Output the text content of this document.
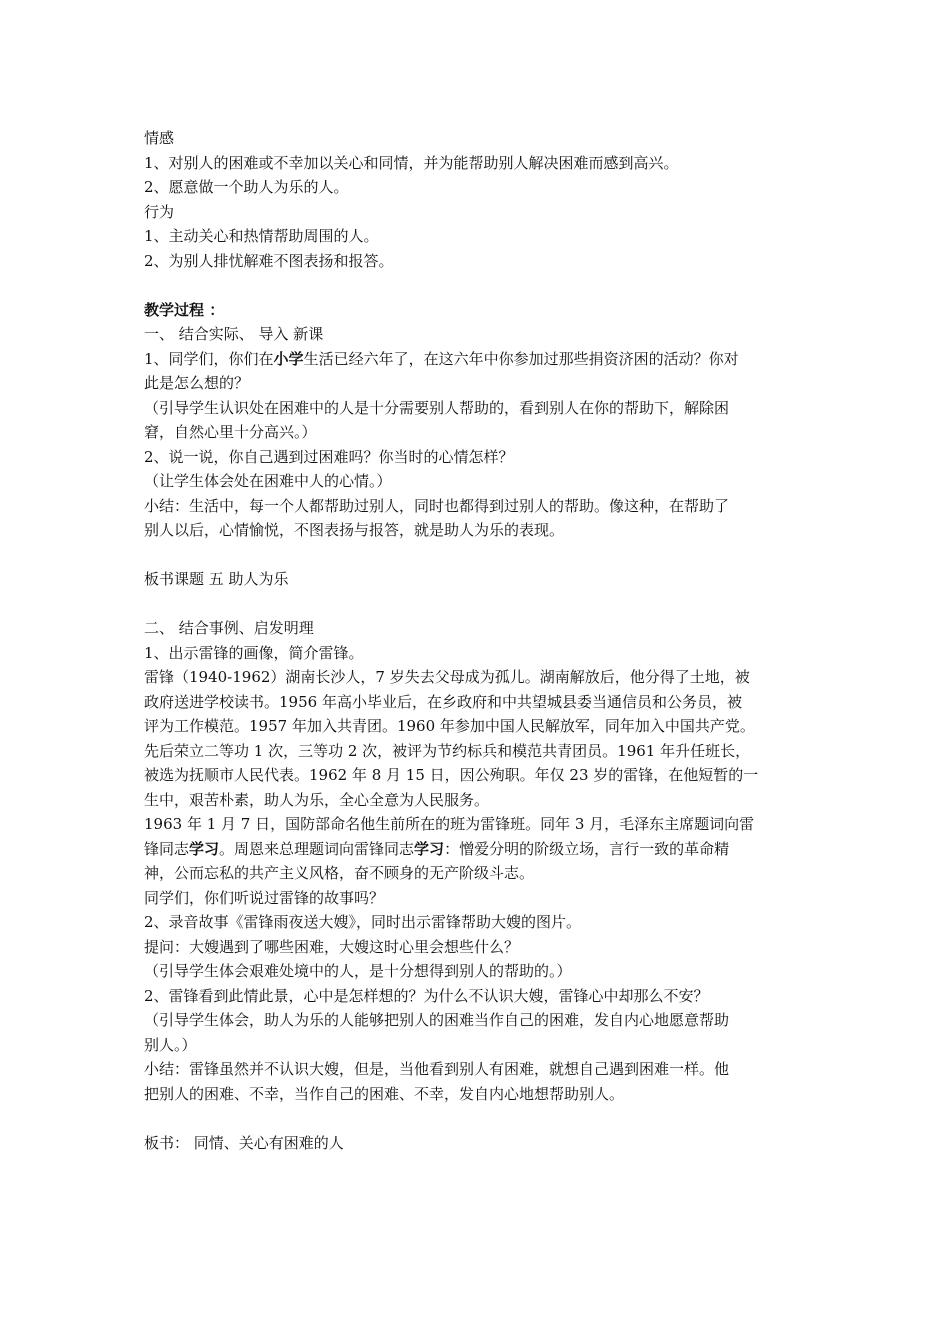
情感
1、对别人的困难或不幸加以关心和同情，并为能帮助别人解决困难而感到高兴。
2、愿意做一个助人为乐的人。
行为
1、主动关心和热情帮助周围的人。
2、为别人排忧解难不图表扬和报答。
教学过程 ：
一、 结合实际、 导入 新课
1、同学们，你们在小学生活已经六年了，在这六年中你参加过那些捐资济困的活动？你对
此是怎么想的？
（引导学生认识处在困难中的人是十分需要别人帮助的，看到别人在你的帮助下，解除困
窘，自然心里十分高兴。）
2、说一说，你自己遇到过困难吗？你当时的心情怎样？
（让学生体会处在困难中人的心情。）
小结：生活中，每一个人都帮助过别人，同时也都得到过别人的帮助。像这种，在帮助了
别人以后，心情愉悦，不图表扬与报答，就是助人为乐的表现。
板书课题 五 助人为乐
二、 结合事例、启发明理
1、出示雷锋的画像，简介雷锋。
雷锋（1940-1962）湖南长沙人，7 岁失去父母成为孤儿。湖南解放后，他分得了土地，被
政府送进学校读书。1956 年高小毕业后，在乡政府和中共望城县委当通信员和公务员，被
评为工作模范。1957 年加入共青团。1960 年参加中国人民解放军，同年加入中国共产党。
先后荣立二等功 1 次，三等功 2 次，被评为节约标兵和模范共青团员。1961 年升任班长，
被选为抚顺市人民代表。1962 年 8 月 15 日，因公殉职。年仅 23 岁的雷锋，在他短暂的一
生中，艰苦朴素，助人为乐，全心全意为人民服务。
1963 年 1 月 7 日，国防部命名他生前所在的班为雷锋班。同年 3 月，毛泽东主席题词向雷
锋同志学习。周恩来总理题词向雷锋同志学习：憎爱分明的阶级立场，言行一致的革命精
神，公而忘私的共产主义风格，奋不顾身的无产阶级斗志。
同学们，你们听说过雷锋的故事吗？
2、录音故事《雷锋雨夜送大嫂》，同时出示雷锋帮助大嫂的图片。
提问：大嫂遇到了哪些困难，大嫂这时心里会想些什么？
（引导学生体会艰难处境中的人，是十分想得到别人的帮助的。）
2、雷锋看到此情此景，心中是怎样想的？为什么不认识大嫂，雷锋心中却那么不安？
（引导学生体会，助人为乐的人能够把别人的困难当作自己的困难，发自内心地愿意帮助
别人。）
小结：雷锋虽然并不认识大嫂，但是，当他看到别人有困难，就想自己遇到困难一样。他
把别人的困难、不幸，当作自己的困难、不幸，发自内心地想帮助别人。
板书： 同情、关心有困难的人
